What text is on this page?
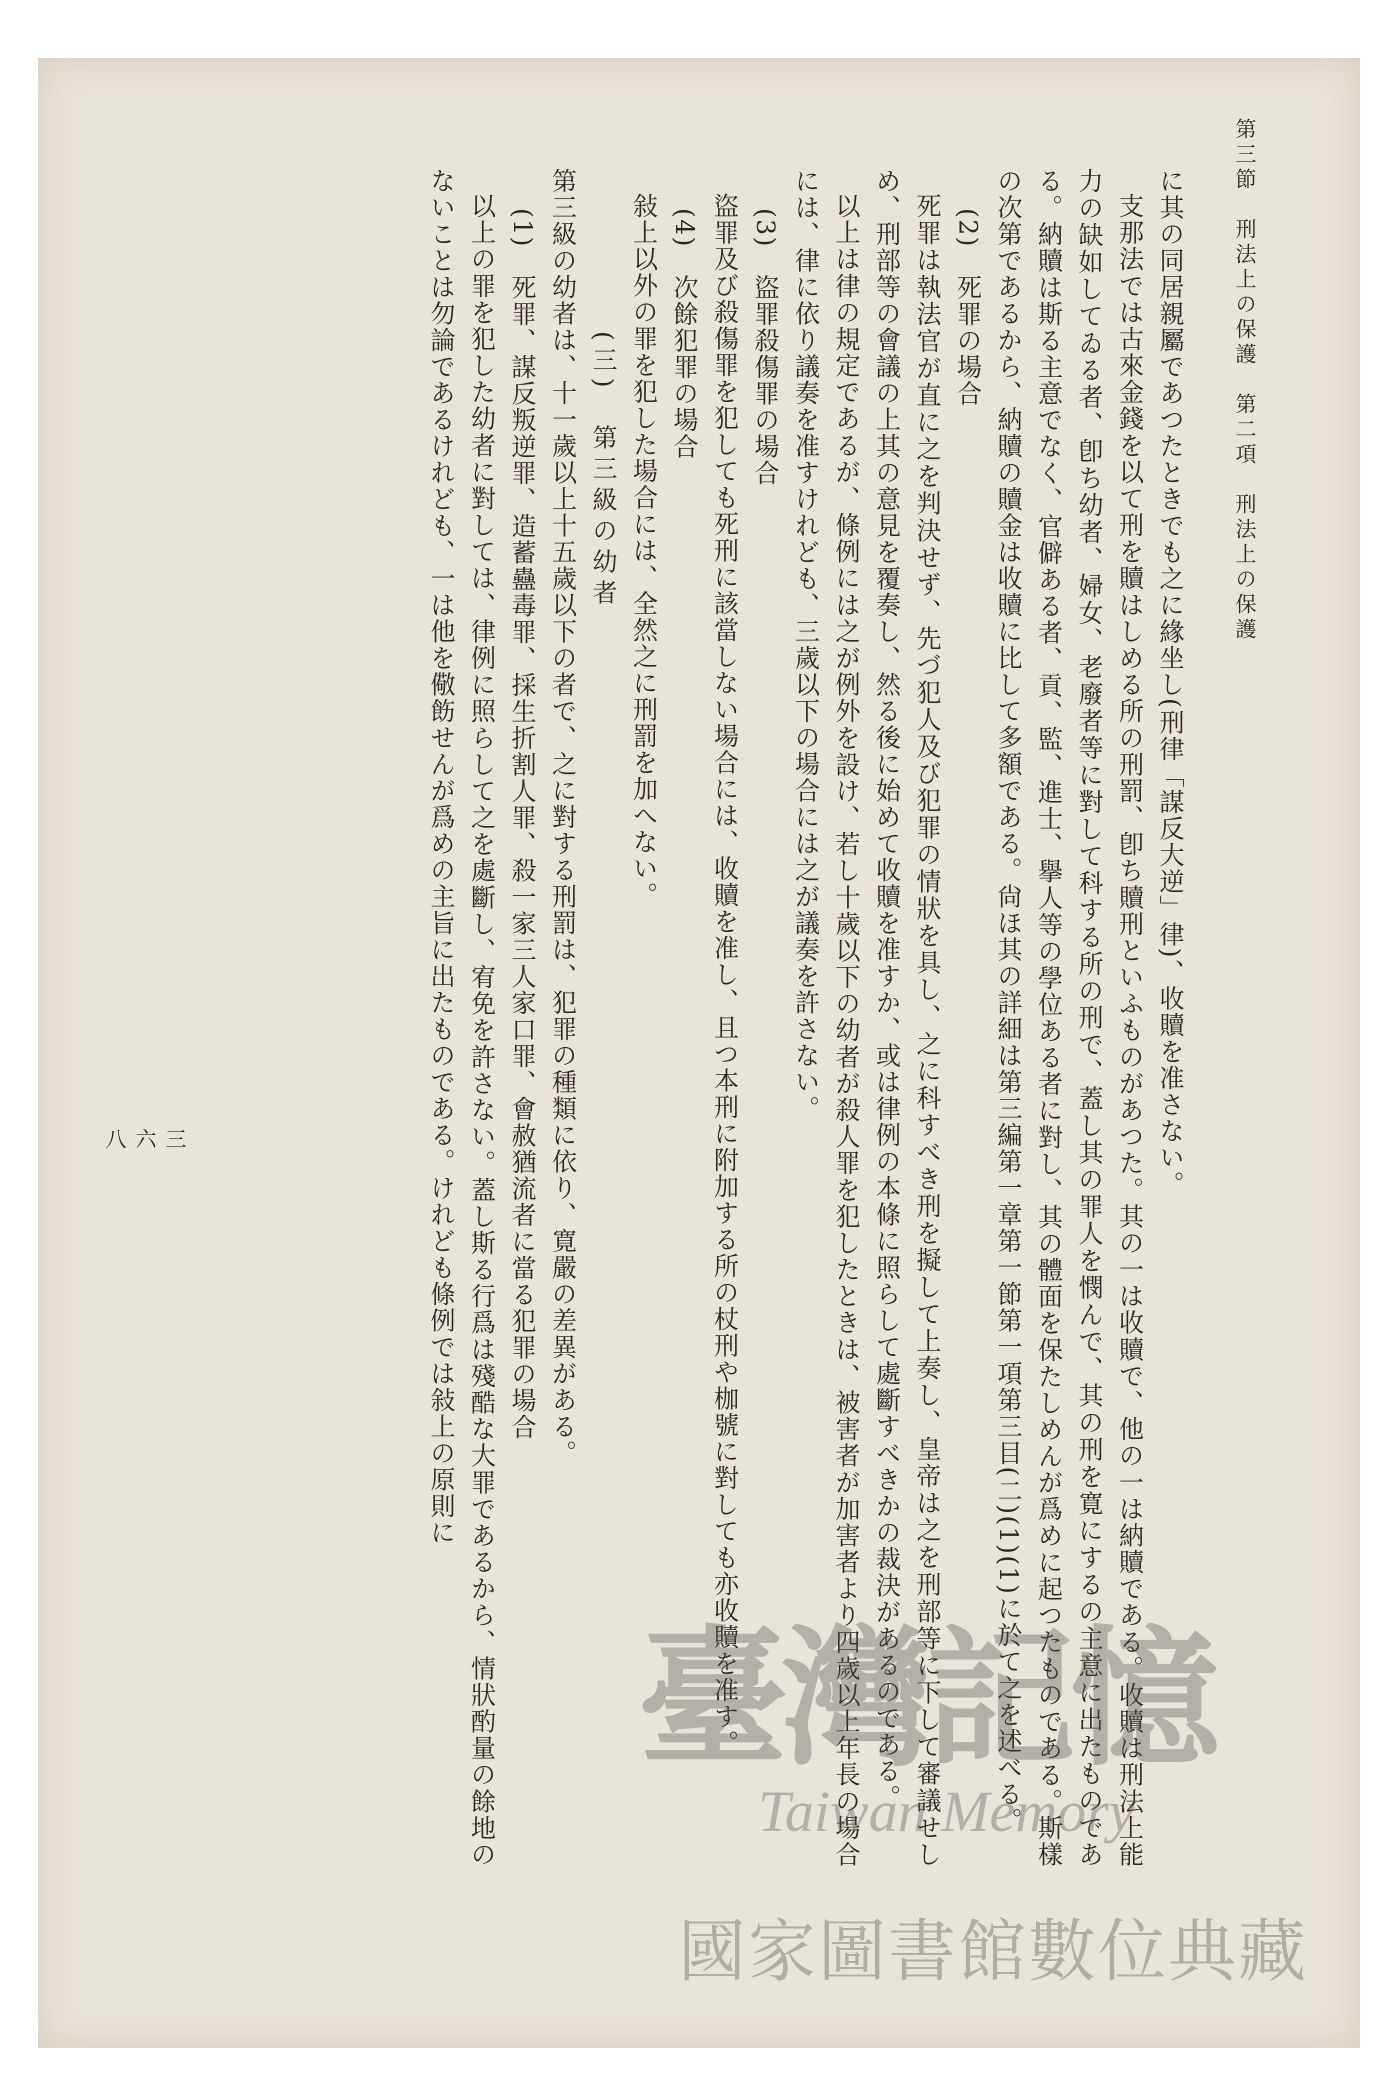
第三節　刑法上の保護　第二項　刑法上の保護
三六八	に其の同居親屬であつたときでも之に緣坐し(刑律「謀反大逆」律)、收贖を准さない。

支那法では古來金錢を以て刑を贖はしめる所の刑罰、卽ち贖刑といふものがあつた。其の一は收贖で、他の一は納贖である。收贖は刑法上能力の缺如してゐる者、卽ち幼者、婦女、老廢者等に對して科する所の刑で、蓋し其の罪人を憫んで、其の刑を寛にするの主意に出たものである。納贖は斯る主意でなく、官僻ある者、貢、監、進士、擧人等の學位ある者に對し、其の體面を保たしめんが爲めに起つたものである。斯樣の次第であるから、納贖の贖金は收贖に比して多額である。尙ほ其の詳細は第三編第一章第一節第一項第三目(二)(1)(1)に於て之を述べる。

(2)　死罪の場合

死罪は執法官が直に之を判決せず、先づ犯人及び犯罪の情狀を具し、之に科すべき刑を擬して上奏し、皇帝は之を刑部等に下して審議せしめ、刑部等の會議の上其の意見を覆奏し、然る後に始めて收贖を准すか、或は律例の本條に照らして處斷すべきかの裁決があるのである。

以上は律の規定であるが、條例には之が例外を設け、若し十歲以下の幼者が殺人罪を犯したときは、被害者が加害者より四歲以上年長の場合には、律に依り議奏を准すけれども、三歲以下の場合には之が議奏を許さない。

(3)　盜罪殺傷罪の場合

盜罪及び殺傷罪を犯しても死刑に該當しない場合には、收贖を准し、且つ本刑に附加する所の杖刑や枷號に對しても亦收贖を准す。

(4)　次餘犯罪の場合

敍上以外の罪を犯した場合には、全然之に刑罰を加へない。

(三)　第三級の幼者

第三級の幼者は、十一歲以上十五歲以下の者で、之に對する刑罰は、犯罪の種類に依り、寛嚴の差異がある。

(1)　死罪、謀反叛逆罪、造蓄蠱毒罪、採生折割人罪、殺一家三人家口罪、會赦猶流者に當る犯罪の場合

以上の罪を犯した幼者に對しては、律例に照らして之を處斷し、宥免を許さない。蓋し斯る行爲は殘酷な大罪であるから、情狀酌量の餘地のないことは勿論であるけれども、一は他を儆飭せんが爲めの主旨に出たものである。けれども條例では敍上の原則に

臺灣記憶
Taiwan Memory
國家圖書館數位典藏
